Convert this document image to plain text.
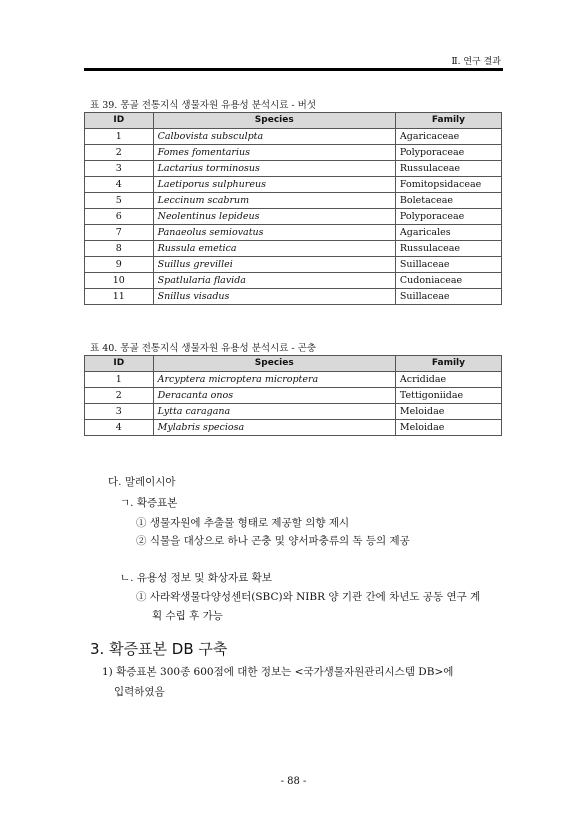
Ⅱ. 연구 결과
표 39. 몽골 전통지식 생물자원 유용성 분석시료 - 버섯
ID	Species	Family
1	Calbovista subsculpta	Agaricaceae
2	Fomes fomentarius	Polyporaceae
3	Lactarius torminosus	Russulaceae
4	Laetiporus sulphureus	Fomitopsidaceae
5	Leccinum scabrum	Boletaceae
6	Neolentinus lepideus	Polyporaceae
7	Panaeolus semiovatus	Agaricales
8	Russula emetica	Russulaceae
9	Suillus grevillei	Suillaceae
10	Spatlularia flavida	Cudoniaceae
11	Snillus visadus	Suillaceae
표 40. 몽골 전통지식 생물자원 유용성 분석시료 - 곤충
ID	Species	Family
1	Arcyptera microptera microptera	Acrididae
2	Deracanta onos	Tettigoniidae
3	Lytta caragana	Meloidae
4	Mylabris speciosa	Meloidae
다. 말레이시아
ㄱ. 확증표본
① 생물자원에 추출물 형태로 제공할 의향 제시
② 식물을 대상으로 하나 곤충 및 양서파충류의 독 등의 제공
ㄴ. 유용성 정보 및 화상자료 확보
① 사라왁생물다양성센터(SBC)와 NIBR 양 기관 간에 차년도 공동 연구 계
획 수립 후 가능
3. 확증표본 DB 구축
1) 확증표본 300종 600점에 대한 정보는 <국가생물자원관리시스템 DB>에
입력하였음
- 88 -
